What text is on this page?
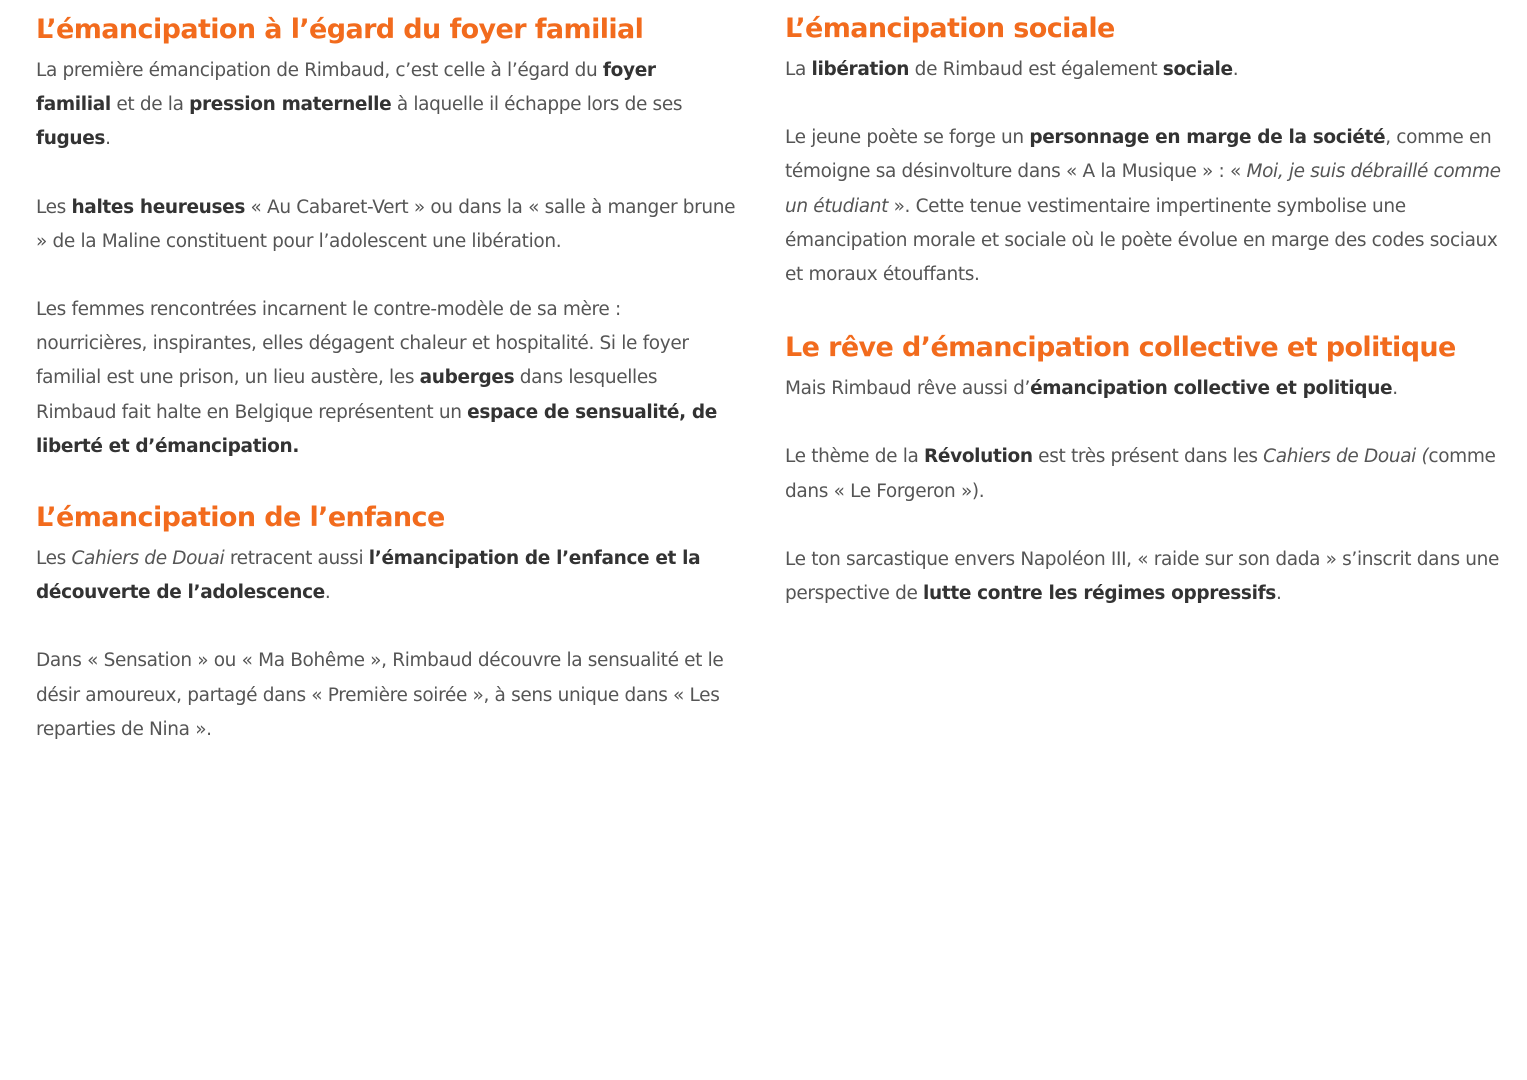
L’émancipation à l’égard du foyer familial

La première émancipation de Rimbaud, c’est celle à l’égard du foyer familial et de la pression maternelle à laquelle il échappe lors de ses fugues.

Les haltes heureuses « Au Cabaret-Vert » ou dans la « salle à manger brune » de la Maline constituent pour l’adolescent une libération.

Les femmes rencontrées incarnent le contre-modèle de sa mère : nourricières, inspirantes, elles dégagent chaleur et hospitalité. Si le foyer familial est une prison, un lieu austère, les auberges dans lesquelles Rimbaud fait halte en Belgique représentent un espace de sensualité, de liberté et d’émancipation.

L’émancipation de l’enfance

Les Cahiers de Douai retracent aussi l’émancipation de l’enfance et la découverte de l’adolescence.

Dans « Sensation » ou « Ma Bohême », Rimbaud découvre la sensualité et le désir amoureux, partagé dans « Première soirée », à sens unique dans « Les reparties de Nina ».

L’émancipation sociale

La libération de Rimbaud est également sociale.

Le jeune poète se forge un personnage en marge de la société, comme en témoigne sa désinvolture dans « A la Musique » : « Moi, je suis débraillé comme un étudiant ». Cette tenue vestimentaire impertinente symbolise une émancipation morale et sociale où le poète évolue en marge des codes sociaux et moraux étouffants.

Le rêve d’émancipation collective et politique

Mais Rimbaud rêve aussi d’émancipation collective et politique.

Le thème de la Révolution est très présent dans les Cahiers de Douai (comme dans « Le Forgeron »).

Le ton sarcastique envers Napoléon III, « raide sur son dada » s’inscrit dans une perspective de lutte contre les régimes oppressifs.
